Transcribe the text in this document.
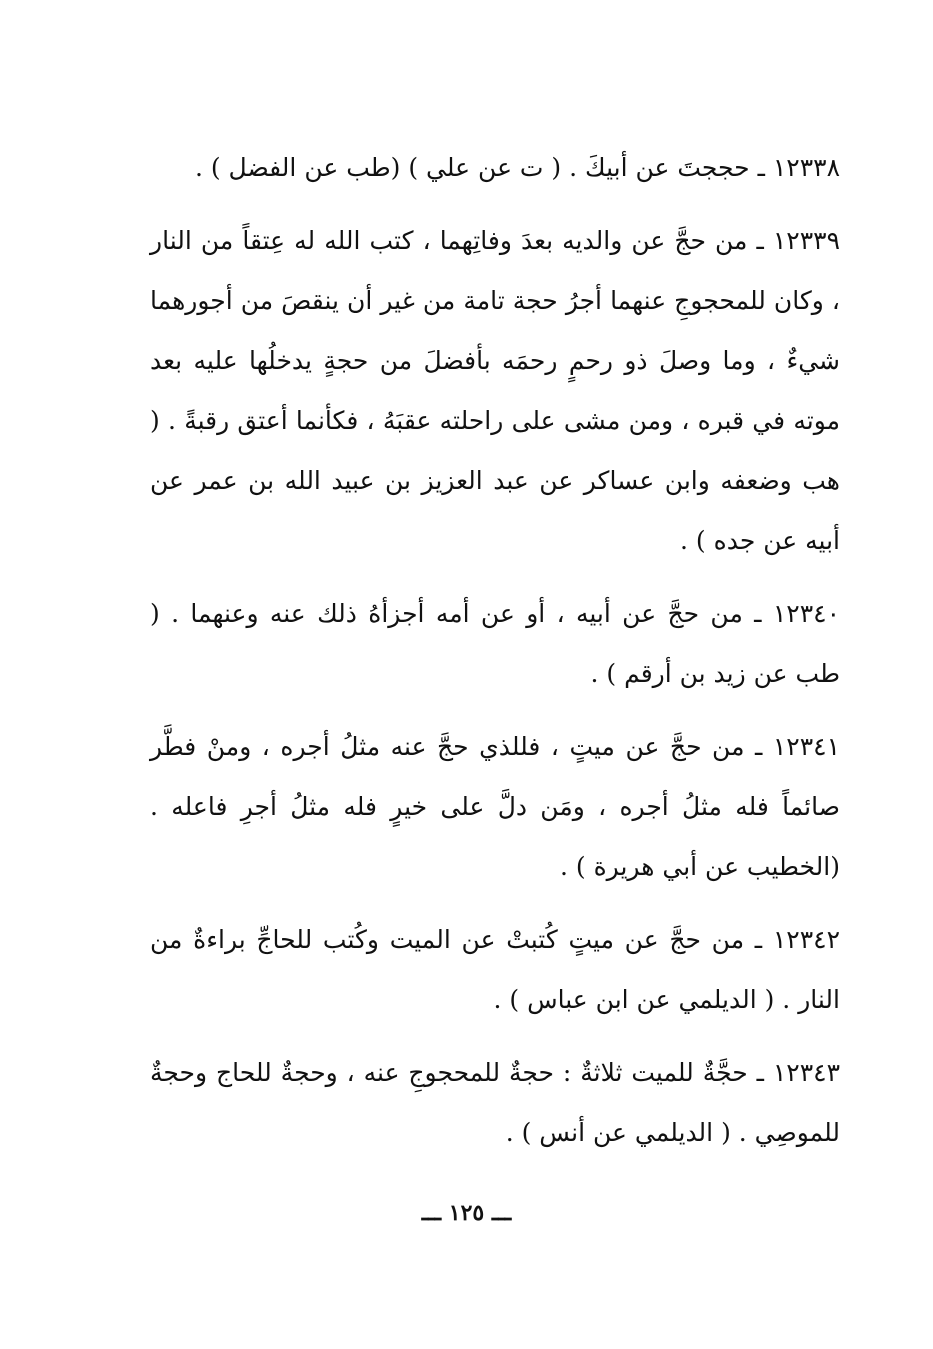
١٢٣٣٨ ـ حججتَ عن أبيكَ . ( ت عن علي ) (طب عن الفضل ) .

١٢٣٣٩ ـ من حجَّ عن والديه بعدَ وفاتِهما ، كتب الله له عِتقاً من النار ، وكان للمحجوجِ عنهما أجرُ حجة تامة من غير أن ينقصَ من أجورهما شيءٌ ، وما وصلَ ذو رحمٍ رحمَه بأفضلَ من حجةٍ يدخلُها عليه بعد موته في قبره ، ومن مشى على راحلته عقبَهُ ، فكأنما أعتق رقبةً . ( هب وضعفه وابن عساكر عن عبد العزيز بن عبيد الله بن عمر عن أبيه عن جده ) .

١٢٣٤٠ ـ من حجَّ عن أبيه ، أو عن أمه أجزأهُ ذلك عنه وعنهما . ( طب عن زيد بن أرقم ) .

١٢٣٤١ ـ من حجَّ عن ميتٍ ، فللذي حجَّ عنه مثلُ أجره ، ومنْ فطَّر صائماً فله مثلُ أجره ، ومَن دلَّ على خيرٍ فله مثلُ أجرِ فاعله . (الخطيب عن أبي هريرة ) .

١٢٣٤٢ ـ من حجَّ عن ميتٍ كُتبتْ عن الميت وكُتب للحاجِّ براءةٌ من النار . ( الديلمي عن ابن عباس ) .

١٢٣٤٣ ـ حجَّةٌ للميت ثلاثةٌ : حجةٌ للمحجوجِ عنه ، وحجةٌ للحاج وحجةٌ للموصِي . ( الديلمي عن أنس ) .

ـــ ١٢٥ ـــ
